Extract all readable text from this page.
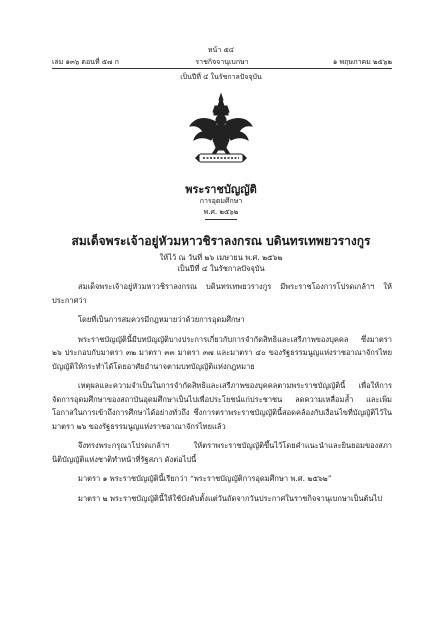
หน้า ๕๔
ราชกิจจานุเบกษา
เล่ม ๑๓๖ ตอนที่ ๕๗ ก	๑ พฤษภาคม ๒๕๖๒
เป็นปีที่ ๔ ในรัชกาลปัจจุบัน
พระราชบัญญัติ
การอุดมศึกษา
พ.ศ. ๒๕๖๒
สมเด็จพระเจ้าอยู่หัวมหาวชิราลงกรณ บดินทรเทพยวรางกูร
ให้ไว้ ณ วันที่ ๒๖ เมษายน พ.ศ. ๒๕๖๒
เป็นปีที่ ๔ ในรัชกาลปัจจุบัน

สมเด็จพระเจ้าอยู่หัวมหาวชิราลงกรณ บดินทรเทพยวรางกูร มีพระราชโองการโปรดเกล้าฯ ให้ประกาศว่า

โดยที่เป็นการสมควรมีกฎหมายว่าด้วยการอุดมศึกษา

พระราชบัญญัตินี้มีบทบัญญัติบางประการเกี่ยวกับการจำกัดสิทธิและเสรีภาพของบุคคล ซึ่งมาตรา ๒๖ ประกอบกับมาตรา ๓๒ มาตรา ๓๓ มาตรา ๓๗ และมาตรา ๔๐ ของรัฐธรรมนูญแห่งราชอาณาจักรไทย บัญญัติให้กระทำได้โดยอาศัยอำนาจตามบทบัญญัติแห่งกฎหมาย

เหตุผลและความจำเป็นในการจำกัดสิทธิและเสรีภาพของบุคคลตามพระราชบัญญัตินี้ เพื่อให้การจัดการอุดมศึกษาของสถาบันอุดมศึกษาเป็นไปเพื่อประโยชน์แก่ประชาชน ลดความเหลื่อมล้ำ และเพิ่มโอกาสในการเข้าถึงการศึกษาได้อย่างทั่วถึง ซึ่งการตราพระราชบัญญัตินี้สอดคล้องกับเงื่อนไขที่บัญญัติไว้ในมาตรา ๒๖ ของรัฐธรรมนูญแห่งราชอาณาจักรไทยแล้ว

จึงทรงพระกรุณาโปรดเกล้าฯ ให้ตราพระราชบัญญัติขึ้นไว้โดยคำแนะนำและยินยอมของสภานิติบัญญัติแห่งชาติทำหน้าที่รัฐสภา ดังต่อไปนี้

มาตรา ๑ พระราชบัญญัตินี้เรียกว่า “พระราชบัญญัติการอุดมศึกษา พ.ศ. ๒๕๖๒”

มาตรา ๒ พระราชบัญญัตินี้ให้ใช้บังคับตั้งแต่วันถัดจากวันประกาศในราชกิจจานุเบกษาเป็นต้นไป
